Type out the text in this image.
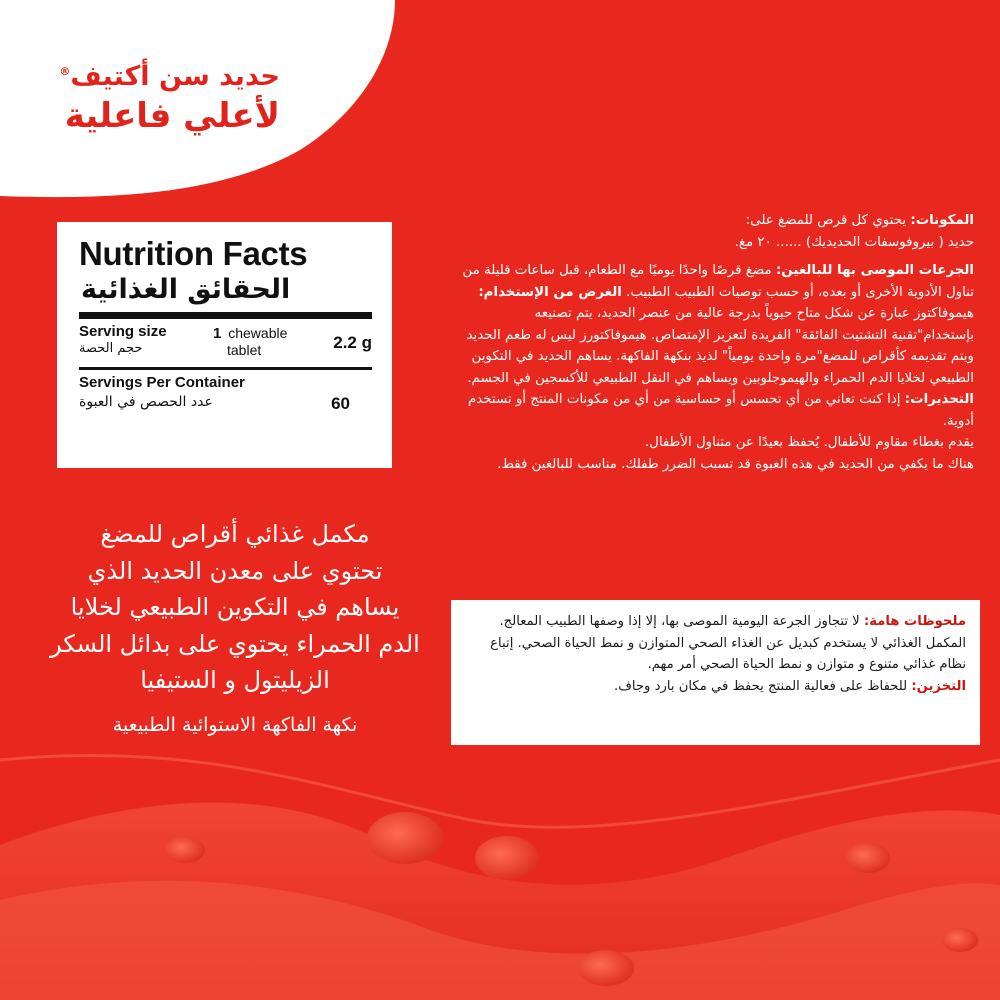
حديد سن أكتيف®
لأعلي فاعلية
Nutrition Facts
الحقائق الغذائية
Serving size
حجم الحصة
1 chewable
tablet	2.2 g
Servings Per Container
عدد الحصص في العبوة	60
مكمل غذائي أقراص للمضغ
تحتوي على معدن الحديد الذي
يساهم في التكوين الطبيعي لخلايا
الدم الحمراء يحتوي على بدائل السكر
الزيليتول و الستيفيا
نكهة الفاكهة الاستوائية الطبيعية

المكونات: يحتوي كل قرص للمضغ على:

حديد ( بيروفوسفات الحديديك) ...... ٢٠ مغ.

الجرعات الموصى بها للبالغين: مضغ قرصًا واحدًا يوميًا مع الطعام، قبل ساعات قليلة من تناول الأدوية الأخرى أو بعده، أو حسب توصيات الطبيب الطبيب. الغرض من الإستخدام: هيموفاكتوز عبارة عن شكل متاح حيوياً بدرجة عالية من عنصر الحديد، يتم تصنيعه بإستخدام"تقنية التشتيت الفائقة" الفريدة لتعزيز الإمتصاص. هيموفاكتورز ليس له طعم الحديد ويتم تقديمه كأقراص للمضغ"مرة واحدة يومياً" لذيذ بنكهة الفاكهة. يساهم الحديد في التكوين الطبيعي لخلايا الدم الحمراء والهيموجلوبين ويساهم في النقل الطبيعي للأكسجين في الجسم.

التحذيرات: إذا كنت تعاني من أي تحسس أو حساسية من أي من مكونات المنتج أو تستخدم أدوية.

يقدم بغطاء مقاوم للأطفال. يُحفظ بعيدًا عن متناول الأطفال.

هناك ما يكفي من الحديد في هذه العبوة قد تسبب الضرر طفلك. مناسب للبالغين فقط.

ملحوظات هامة: لا تتجاوز الجرعة اليومية الموصى بها، إلا إذا وصفها الطبيب المعالج. المكمل الغذائي لا يستخدم كبديل عن الغذاء الصحي المتوازن و نمط الحياة الصحي. إتباع نظام غذائي متنوع و متوازن و نمط الحياة الصحي أمر مهم.

التخزين: للحفاظ على فعالية المنتج يحفظ في مكان بارد وجاف.
